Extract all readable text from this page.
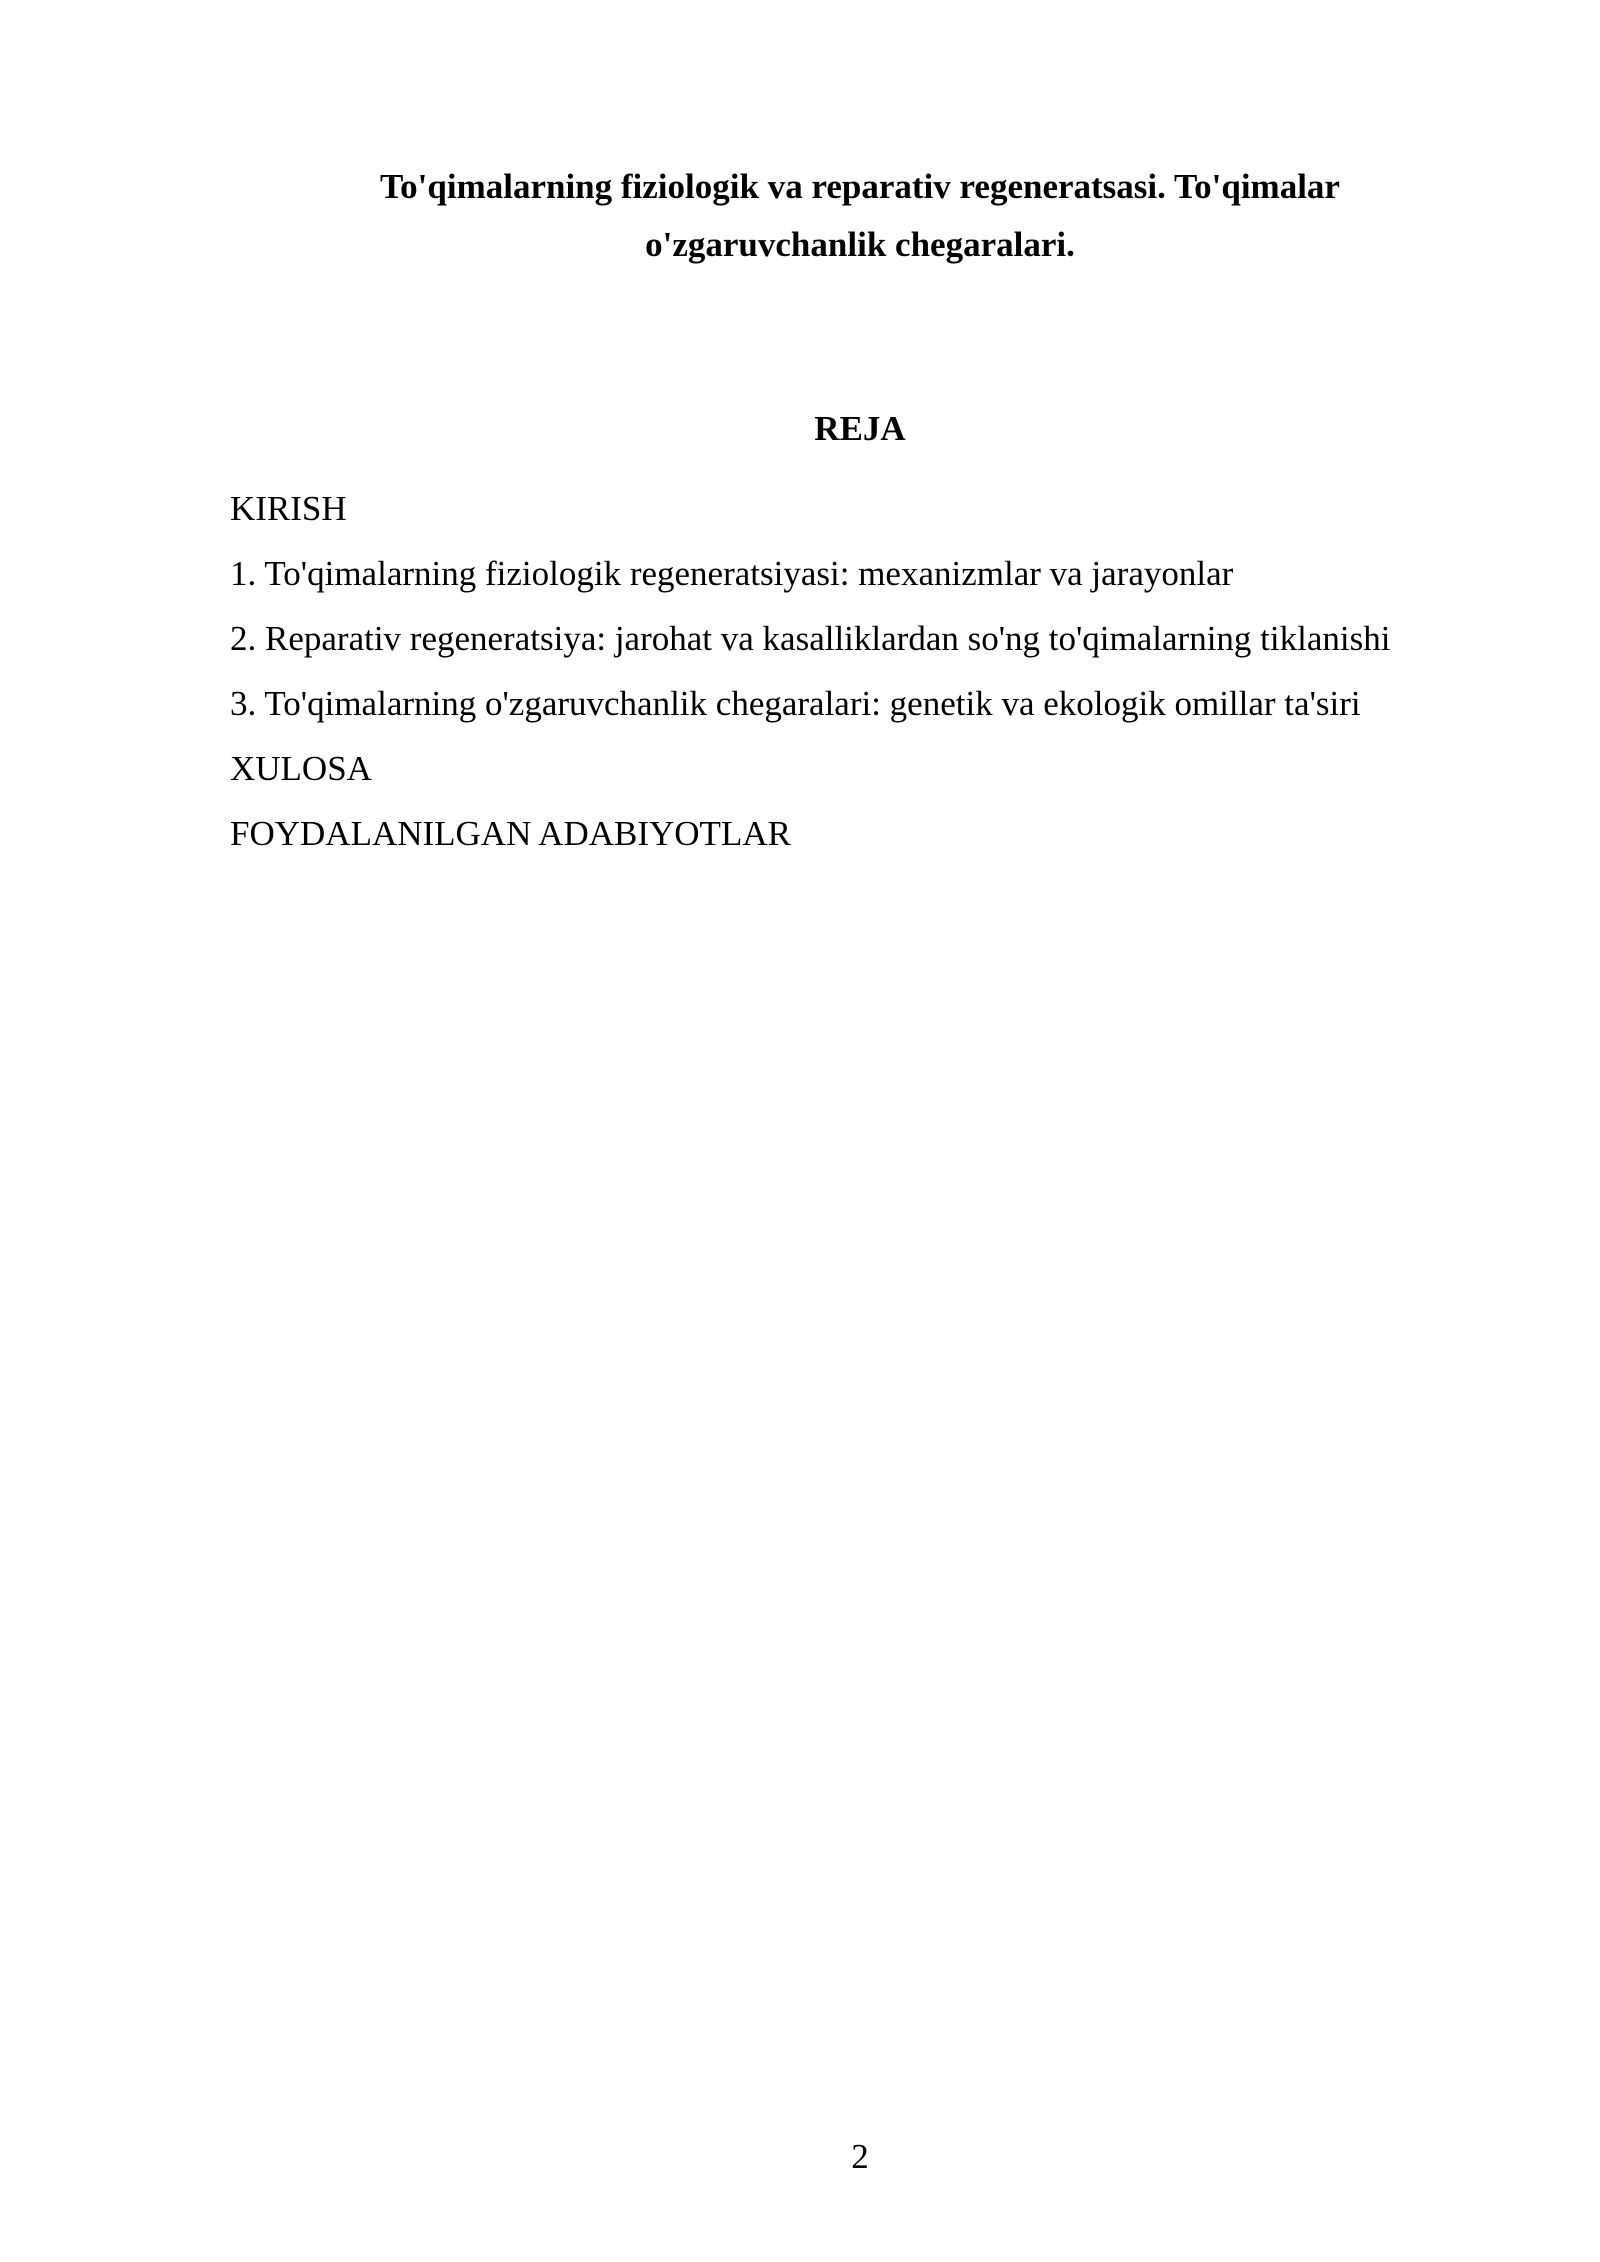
To'qimalarning fiziologik va reparativ regeneratsasi. To'qimalar o'zgaruvchanlik chegaralari.
REJA
KIRISH
1. To'qimalarning fiziologik regeneratsiyasi: mexanizmlar va jarayonlar
2. Reparativ regeneratsiya: jarohat va kasalliklardan so'ng to'qimalarning tiklanishi
3. To'qimalarning o'zgaruvchanlik chegaralari: genetik va ekologik omillar ta'siri
XULOSA
FOYDALANILGAN ADABIYOTLAR
2
